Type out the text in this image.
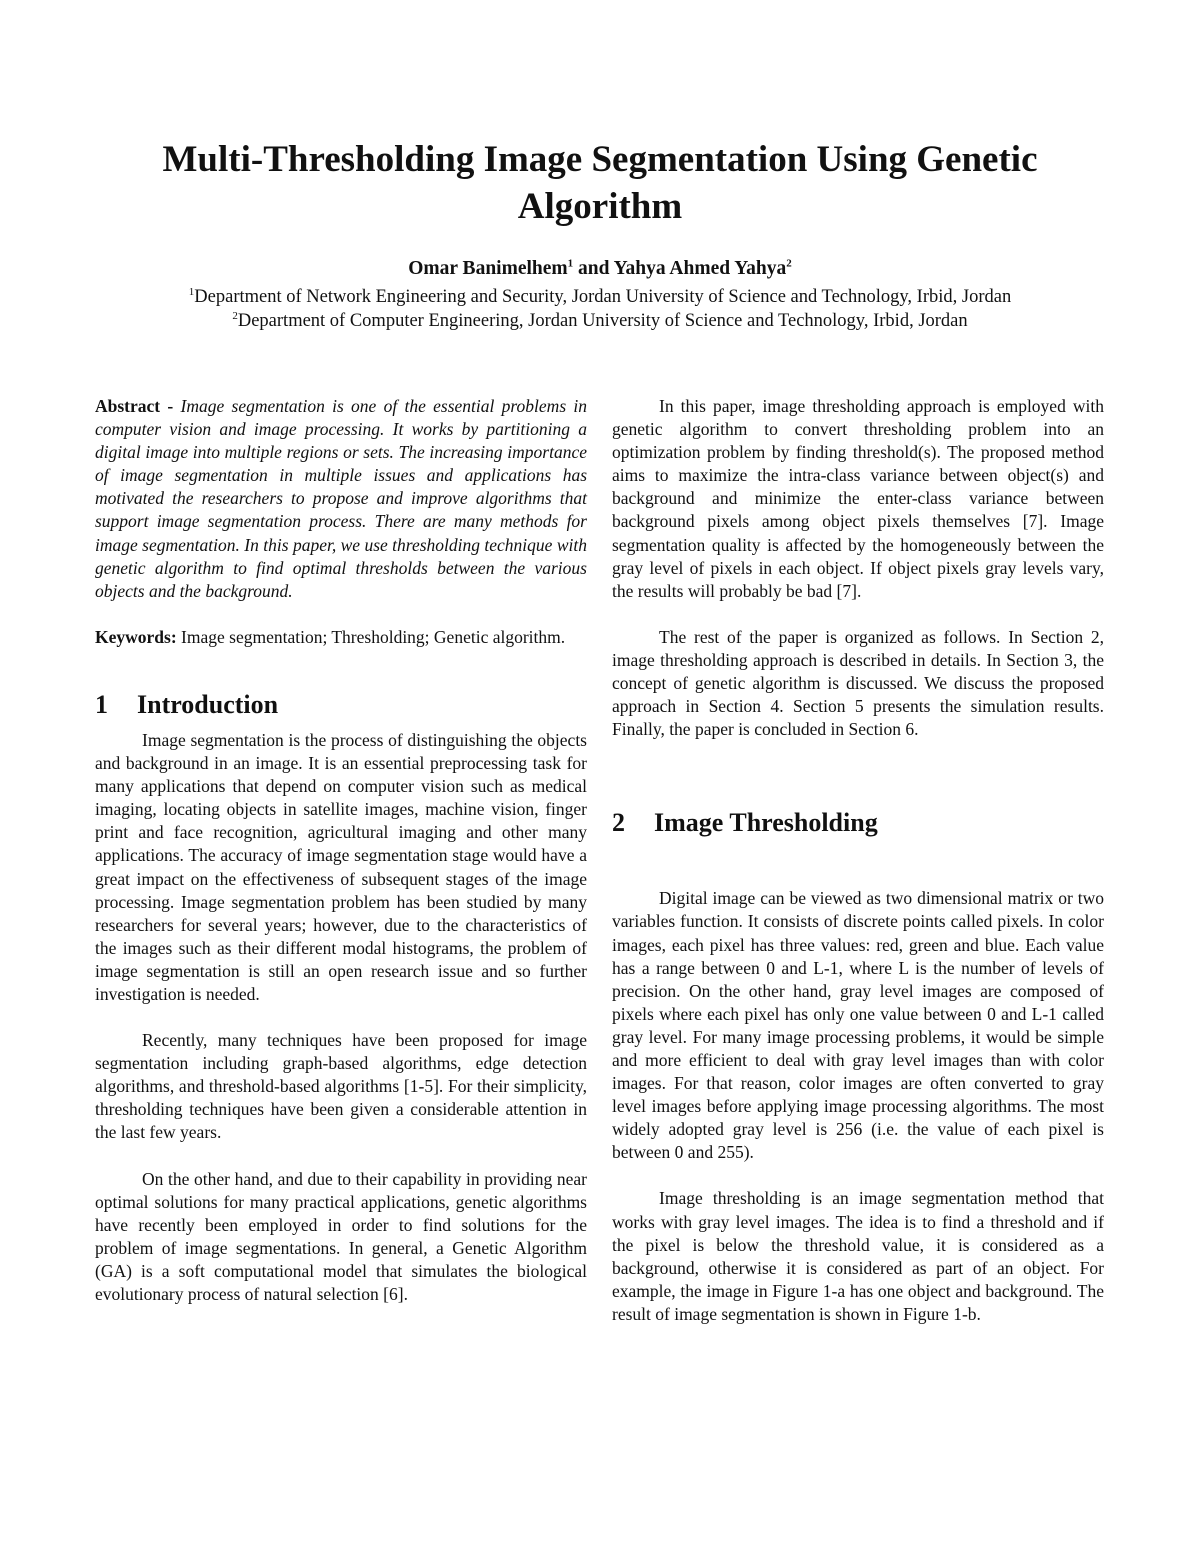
Multi-Thresholding Image Segmentation Using Genetic Algorithm
Omar Banimelhem$^1$ and Yahya Ahmed Yahya$^2$
$^1$Department of Network Engineering and Security, Jordan University of Science and Technology, Irbid, Jordan
$^2$Department of Computer Engineering, Jordan University of Science and Technology, Irbid, Jordan

Abstract - Image segmentation is one of the essential problems in computer vision and image processing. It works by partitioning a digital image into multiple regions or sets. The increasing importance of image segmentation in multiple issues and applications has motivated the researchers to propose and improve algorithms that support image segmentation process. There are many methods for image segmentation. In this paper, we use thresholding technique with genetic algorithm to find optimal thresholds between the various objects and the background.

Keywords: Image segmentation; Thresholding; Genetic algorithm.

1	Introduction

Image segmentation is the process of distinguishing the objects and background in an image. It is an essential preprocessing task for many applications that depend on computer vision such as medical imaging, locating objects in satellite images, machine vision, finger print and face recognition, agricultural imaging and other many applications. The accuracy of image segmentation stage would have a great impact on the effectiveness of subsequent stages of the image processing. Image segmentation problem has been studied by many researchers for several years; however, due to the characteristics of the images such as their different modal histograms, the problem of image segmentation is still an open research issue and so further investigation is needed.

Recently, many techniques have been proposed for image segmentation including graph-based algorithms, edge detection algorithms, and threshold-based algorithms [1-5]. For their simplicity, thresholding techniques have been given a considerable attention in the last few years.

On the other hand, and due to their capability in providing near optimal solutions for many practical applications, genetic algorithms have recently been employed in order to find solutions for the problem of image segmentations. In general, a Genetic Algorithm (GA) is a soft computational model that simulates the biological evolutionary process of natural selection [6].

In this paper, image thresholding approach is employed with genetic algorithm to convert thresholding problem into an optimization problem by finding threshold(s). The proposed method aims to maximize the intra-class variance between object(s) and background and minimize the enter-class variance between background pixels among object pixels themselves [7]. Image segmentation quality is affected by the homogeneously between the gray level of pixels in each object. If object pixels gray levels vary, the results will probably be bad [7].

The rest of the paper is organized as follows. In Section 2, image thresholding approach is described in details. In Section 3, the concept of genetic algorithm is discussed. We discuss the proposed approach in Section 4. Section 5 presents the simulation results. Finally, the paper is concluded in Section 6.

2	Image Thresholding

Digital image can be viewed as two dimensional matrix or two variables function. It consists of discrete points called pixels. In color images, each pixel has three values: red, green and blue. Each value has a range between 0 and L-1, where L is the number of levels of precision. On the other hand, gray level images are composed of pixels where each pixel has only one value between 0 and L-1 called gray level. For many image processing problems, it would be simple and more efficient to deal with gray level images than with color images. For that reason, color images are often converted to gray level images before applying image processing algorithms. The most widely adopted gray level is 256 (i.e. the value of each pixel is between 0 and 255).

Image thresholding is an image segmentation method that works with gray level images. The idea is to find a threshold and if the pixel is below the threshold value, it is considered as a background, otherwise it is considered as part of an object. For example, the image in Figure 1-a has one object and background. The result of image segmentation is shown in Figure 1-b.
